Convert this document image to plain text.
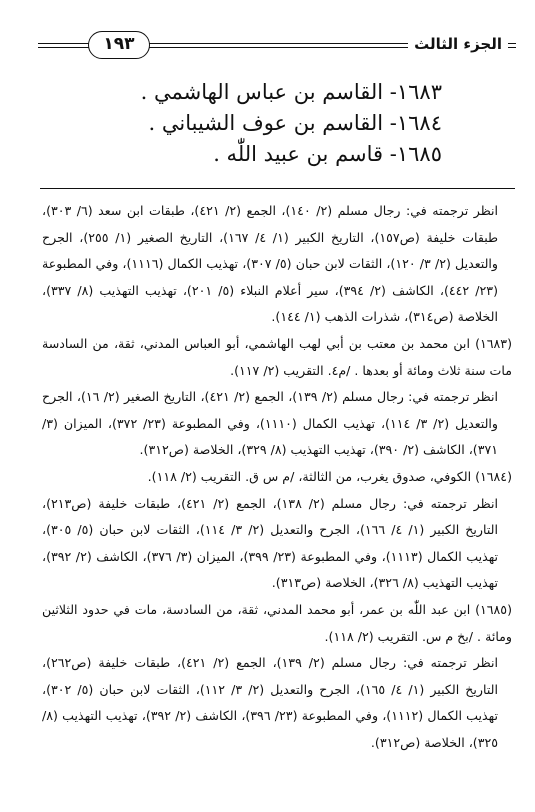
١٩٣	الجزء الثالث
١٦٨٣- القاسم بن عباس الهاشمي .
١٦٨٤- القاسم بن عوف الشيباني .
١٦٨٥- قاسم بن عبيد اللّٰه .

انظر ترجمته في: رجال مسلم (٢/ ١٤٠)، الجمع (٢/ ٤٢١)، طبقات ابن سعد (٦/ ٣٠٣)، طبقات خليفة (ص١٥٧)، التاريخ الكبير (١/ ٤/ ١٦٧)، التاريخ الصغير (١/ ٢٥٥)، الجرح والتعديل (٢/ ٣/ ١٢٠)، الثقات لابن حبان (٥/ ٣٠٧)، تهذيب الكمال (١١١٦)، وفي المطبوعة (٢٣/ ٤٤٢)، الكاشف (٢/ ٣٩٤)، سير أعلام النبلاء (٥/ ٢٠١)، تهذيب التهذيب (٨/ ٣٣٧)، الخلاصة (ص٣١٤)، شذرات الذهب (١/ ١٤٤).

(١٦٨٣) ابن محمد بن معتب بن أبي لهب الهاشمي، أبو العباس المدني، ثقة، من السادسة مات سنة ثلاث ومائة أو بعدها . /م٤. التقريب (٢/ ١١٧).

انظر ترجمته في: رجال مسلم (٢/ ١٣٩)، الجمع (٢/ ٤٢١)، التاريخ الصغير (٢/ ١٦)، الجرح والتعديل (٢/ ٣/ ١١٤)، تهذيب الكمال (١١١٠)، وفي المطبوعة (٢٣/ ٣٧٢)، الميزان (٣/ ٣٧١)، الكاشف (٢/ ٣٩٠)، تهذيب التهذيب (٨/ ٣٢٩)، الخلاصة (ص٣١٢).

(١٦٨٤) الكوفي، صدوق يغرب، من الثالثة، /م س ق. التقريب (٢/ ١١٨).

انظر ترجمته في: رجال مسلم (٢/ ١٣٨)، الجمع (٢/ ٤٢١)، طبقات خليفة (ص٢١٣)، التاريخ الكبير (١/ ٤/ ١٦٦)، الجرح والتعديل (٢/ ٣/ ١١٤)، الثقات لابن حبان (٥/ ٣٠٥)، تهذيب الكمال (١١١٣)، وفي المطبوعة (٢٣/ ٣٩٩)، الميزان (٣/ ٣٧٦)، الكاشف (٢/ ٣٩٢)، تهذيب التهذيب (٨/ ٣٢٦)، الخلاصة (ص٣١٣).

(١٦٨٥) ابن عبد اللّٰه بن عمر، أبو محمد المدني، ثقة، من السادسة، مات في حدود الثلاثين ومائة . /بخ م س. التقريب (٢/ ١١٨).

انظر ترجمته في: رجال مسلم (٢/ ١٣٩)، الجمع (٢/ ٤٢١)، طبقات خليفة (ص٢٦٢)، التاريخ الكبير (١/ ٤/ ١٦٥)، الجرح والتعديل (٢/ ٣/ ١١٢)، الثقات لابن حبان (٥/ ٣٠٢)، تهذيب الكمال (١١١٢)، وفي المطبوعة (٢٣/ ٣٩٦)، الكاشف (٢/ ٣٩٢)، تهذيب التهذيب (٨/ ٣٢٥)، الخلاصة (ص٣١٢).
